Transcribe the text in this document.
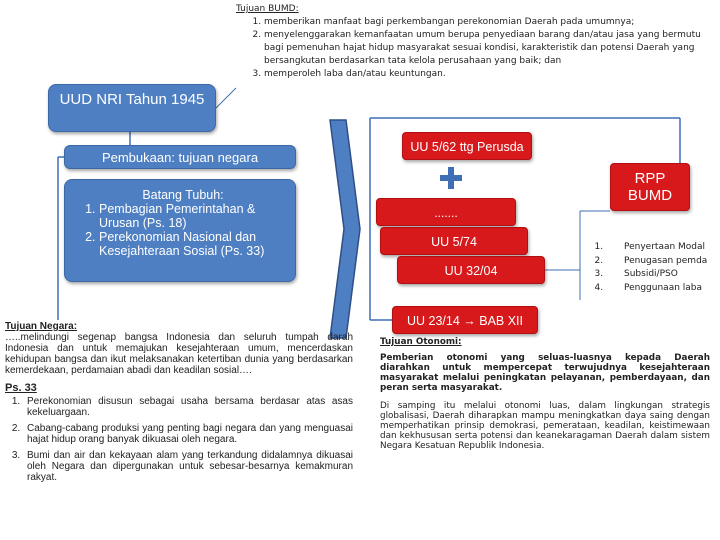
Tujuan BUMD:
1. memberikan manfaat bagi perkembangan perekonomian Daerah pada umumnya;
2. menyelenggarakan kemanfaatan umum berupa penyediaan barang dan/atau jasa yang bermutu bagi pemenuhan hajat hidup masyarakat sesuai kondisi, karakteristik dan potensi Daerah yang bersangkutan berdasarkan tata kelola perusahaan yang baik; dan
3. memperoleh laba dan/atau keuntungan.
UUD NRI Tahun 1945
Pembukaan: tujuan negara
Batang Tubuh:
1. Pembagian Pemerintahan & Urusan (Ps. 18)
2. Perekonomian Nasional dan Kesejahteraan Sosial (Ps. 33)
UU 5/62 ttg Perusda
.......
UU 5/74
UU 32/04
RPP BUMD
UU 23/14 → BAB XII
1. Penyertaan Modal
2. Penugasan pemda
3. Subsidi/PSO
4. Penggunaan laba
Tujuan Negara:
…..melindungi segenap bangsa Indonesia dan seluruh tumpah darah Indonesia dan untuk memajukan kesejahteraan umum, mencerdaskan kehidupan bangsa dan ikut melaksanakan ketertiban dunia yang berdasarkan kemerdekaan, perdamaian abadi dan keadilan sosial….
Ps. 33
1. Perekonomian disusun sebagai usaha bersama berdasar atas asas kekeluargaan.
2. Cabang-cabang produksi yang penting bagi negara dan yang menguasai hajat hidup orang banyak dikuasai oleh negara.
3. Bumi dan air dan kekayaan alam yang terkandung didalamnya dikuasai oleh Negara dan dipergunakan untuk sebesar-besarnya kemakmuran rakyat.
Tujuan Otonomi:
Pemberian otonomi yang seluas-luasnya kepada Daerah diarahkan untuk mempercepat terwujudnya kesejahteraan masyarakat melalui peningkatan pelayanan, pemberdayaan, dan peran serta masyarakat.
Di samping itu melalui otonomi luas, dalam lingkungan strategis globalisasi, Daerah diharapkan mampu meningkatkan daya saing dengan memperhatikan prinsip demokrasi, pemerataan, keadilan, keistimewaan dan kekhususan serta potensi dan keanekaragaman Daerah dalam sistem Negara Kesatuan Republik Indonesia.
